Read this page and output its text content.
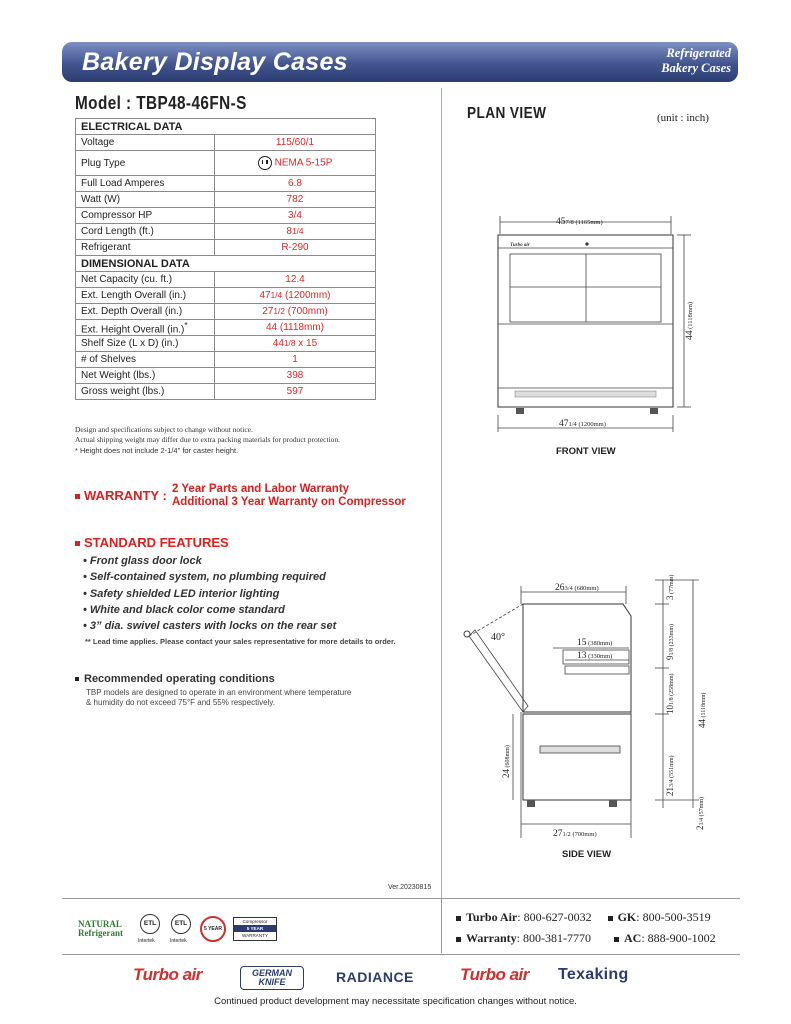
Bakery Display Cases	Refrigerated
Bakery Cases
Model : TBP48-46FN-S
ELECTRICAL DATA	
Voltage	115/60/1
Plug Type	NEMA 5-15P
Full Load Amperes	6.8
Watt (W)	782
Compressor HP	3/4
Cord Length (ft.)	81/4
Refrigerant	R-290
DIMENSIONAL DATA	
Net Capacity (cu. ft.)	12.4
Ext. Length Overall (in.)	471/4 (1200mm)
Ext. Depth Overall (in.)	271/2 (700mm)
Ext. Height Overall (in.)*	44 (1118mm)
Shelf Size (L x D) (in.)	441/8 x 15
# of Shelves	1
Net Weight (lbs.)	398
Gross weight (lbs.)	597
Design and specifications subject to change without notice.
Actual shipping weight may differ due to extra packing materials for product protection.
* Height does not include 2-1/4" for caster height.
WARRANTY : 2 Year Parts and Labor Warranty
Additional 3 Year Warranty on Compressor
STANDARD FEATURES
• Front glass door lock
• Self-contained system, no plumbing required
• Safety shielded LED interior lighting
• White and black color come standard
• 3” dia. swivel casters with locks on the rear set
** Lead time applies. Please contact your sales representative for more details to order.
Recommended operating conditions
TBP models are designed to operate in an environment where temperature
& humidity do not exceed 75°F and 55% respectively.
Ver.20230815
PLAN VIEW	(unit : inch)
Turbo air
457/8 (1165mm)
471/4 (1200mm)
44 (1118mm)
FRONT VIEW
40°
263/4 (680mm)
15 (380mm)
13 (330mm)
271/2 (700mm)
3 (77mm)
91/8 (233mm)
101/8 (258mm)
213/4 (551mm)
21/4 (57mm)
44 (1118mm)
24 (608mm)
SIDE VIEW
NATURAL
Refrigerant
ETL
Intertek
ETL
Intertek
5 YEAR
Compressor
5 YEAR
WARRANTY
Turbo Air: 800-627-0032 GK: 800-500-3519
Warranty: 800-381-7770	AC: 888-900-1002
Turbo air	GERMAN KNIFE	RADIANCE	Turbo air Texaking
Continued product development may necessitate specification changes without notice.
